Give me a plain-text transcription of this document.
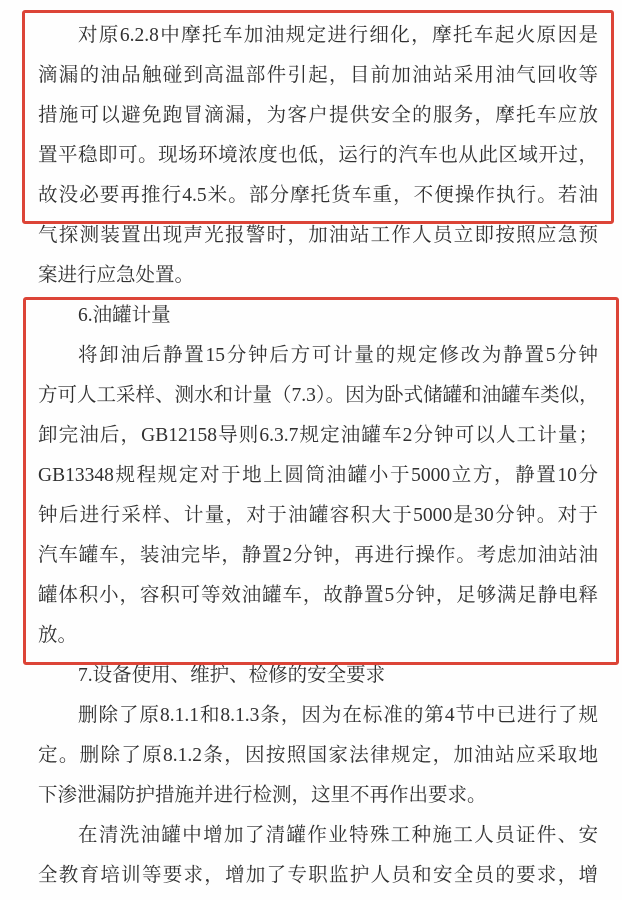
对原6.2.8中摩托车加油规定进行细化，摩托车起火原因是
滴漏的油品触碰到高温部件引起，目前加油站采用油气回收等
措施可以避免跑冒滴漏，为客户提供安全的服务，摩托车应放
置平稳即可。现场环境浓度也低，运行的汽车也从此区域开过，
故没必要再推行4.5米。部分摩托货车重，不便操作执行。若油
气探测装置出现声光报警时，加油站工作人员立即按照应急预
案进行应急处置。
6.油罐计量
将卸油后静置15分钟后方可计量的规定修改为静置5分钟
方可人工采样、测水和计量（7.3）。因为卧式储罐和油罐车类似，
卸完油后，GB12158导则6.3.7规定油罐车2分钟可以人工计量；
GB13348规程规定对于地上圆筒油罐小于5000立方，静置10分
钟后进行采样、计量，对于油罐容积大于5000是30分钟。对于
汽车罐车，装油完毕，静置2分钟，再进行操作。考虑加油站油
罐体积小，容积可等效油罐车，故静置5分钟，足够满足静电释
放。
7.设备使用、维护、检修的安全要求
删除了原8.1.1和8.1.3条，因为在标准的第4节中已进行了规
定。删除了原8.1.2条，因按照国家法律规定，加油站应采取地
下渗泄漏防护措施并进行检测，这里不再作出要求。
在清洗油罐中增加了清罐作业特殊工种施工人员证件、安
全教育培训等要求，增加了专职监护人员和安全员的要求，增
